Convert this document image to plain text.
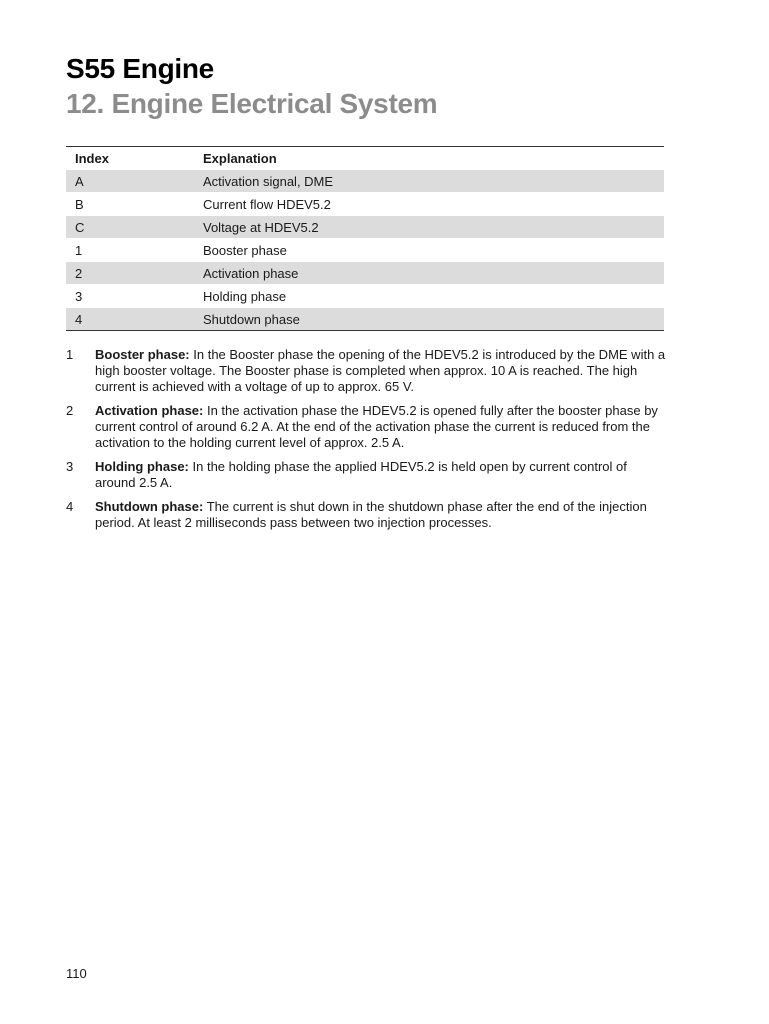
S55 Engine
12. Engine Electrical System
Index	Explanation
A	Activation signal, DME
B	Current flow HDEV5.2
C	Voltage at HDEV5.2
1	Booster phase
2	Activation phase
3	Holding phase
4	Shutdown phase
1	Booster phase: In the Booster phase the opening of the HDEV5.2 is introduced by the DME with a high booster voltage. The Booster phase is completed when approx. 10 A is reached. The high current is achieved with a voltage of up to approx. 65 V.
2	Activation phase: In the activation phase the HDEV5.2 is opened fully after the booster phase by current control of around 6.2 A. At the end of the activation phase the current is reduced from the activation to the holding current level of approx. 2.5 A.
3	Holding phase: In the holding phase the applied HDEV5.2 is held open by current control of around 2.5 A.
4	Shutdown phase: The current is shut down in the shutdown phase after the end of the injection period. At least 2 milliseconds pass between two injection processes.
110
